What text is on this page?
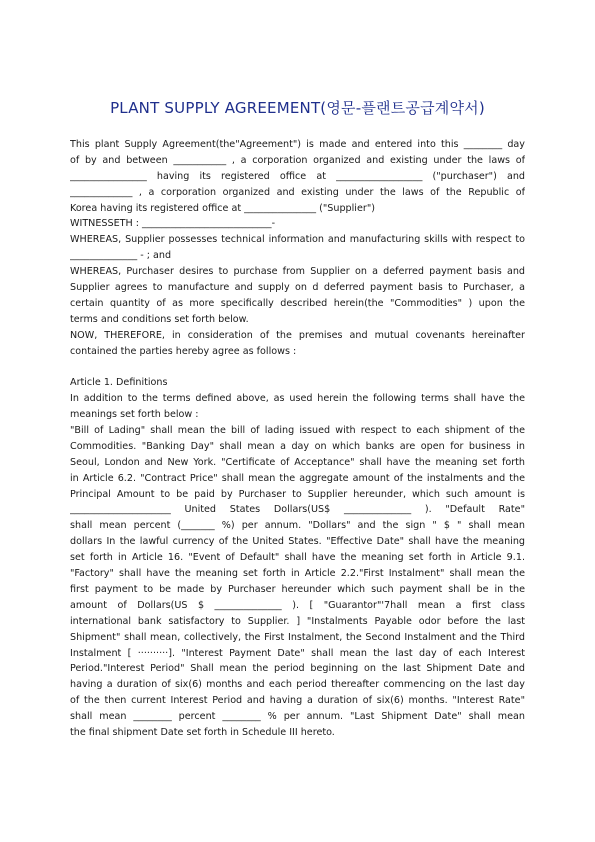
PLANT SUPPLY AGREEMENT(영문-플랜트공급계약서)
This plant Supply Agreement(the"Agreement") is made and entered into this ________ day
of by and between ___________ , a corporation organized and existing under the laws of
________________ having its registered office at __________________ ("purchaser") and
_____________ , a corporation organized and existing under the laws of the Republic of
Korea having its registered office at _______________ ("Supplier")
WITNESSETH : ___________________________-
WHEREAS, Supplier possesses technical information and manufacturing skills with respect to
______________ - ; and
WHEREAS, Purchaser desires to purchase from Supplier on a deferred payment basis and
Supplier agrees to manufacture and supply on d deferred payment basis to Purchaser, a
certain quantity of as more specifically described herein(the "Commodities" ) upon the
terms and conditions set forth below.
NOW, THEREFORE, in consideration of the premises and mutual covenants hereinafter
contained the parties hereby agree as follows :
Article 1. Definitions
In addition to the terms defined above, as used herein the following terms shall have the
meanings set forth below :
"Bill of Lading" shall mean the bill of lading issued with respect to each shipment of the
Commodities. "Banking Day" shall mean a day on which banks are open for business in
Seoul, London and New York. "Certificate of Acceptance" shall have the meaning set forth
in Article 6.2. "Contract Price" shall mean the aggregate amount of the instalments and the
Principal Amount to be paid by Purchaser to Supplier hereunder, which such amount is
_____________________ United States Dollars(US$ ______________ ). "Default Rate"
shall mean percent (_______ %) per annum. "Dollars" and the sign " $ " shall mean
dollars In the lawful currency of the United States. "Effective Date" shall have the meaning
set forth in Article 16. "Event of Default" shall have the meaning set forth in Article 9.1.
"Factory" shall have the meaning set forth in Article 2.2."First Instalment" shall mean the
first payment to be made by Purchaser hereunder which such payment shall be in the
amount of Dollars(US $ ______________ ). [ "Guarantor"'7hall mean a first class
international bank satisfactory to Supplier. ] "Instalments Payable odor before the last
Shipment" shall mean, collectively, the First Instalment, the Second Instalment and the Third
Instalment [ ··········]. "Interest Payment Date" shall mean the last day of each Interest
Period."Interest Period" Shall mean the period beginning on the last Shipment Date and
having a duration of six(6) months and each period thereafter commencing on the last day
of the then current Interest Period and having a duration of six(6) months. "Interest Rate"
shall mean ________ percent ________ % per annum. "Last Shipment Date" shall mean
the final shipment Date set forth in Schedule III hereto.
